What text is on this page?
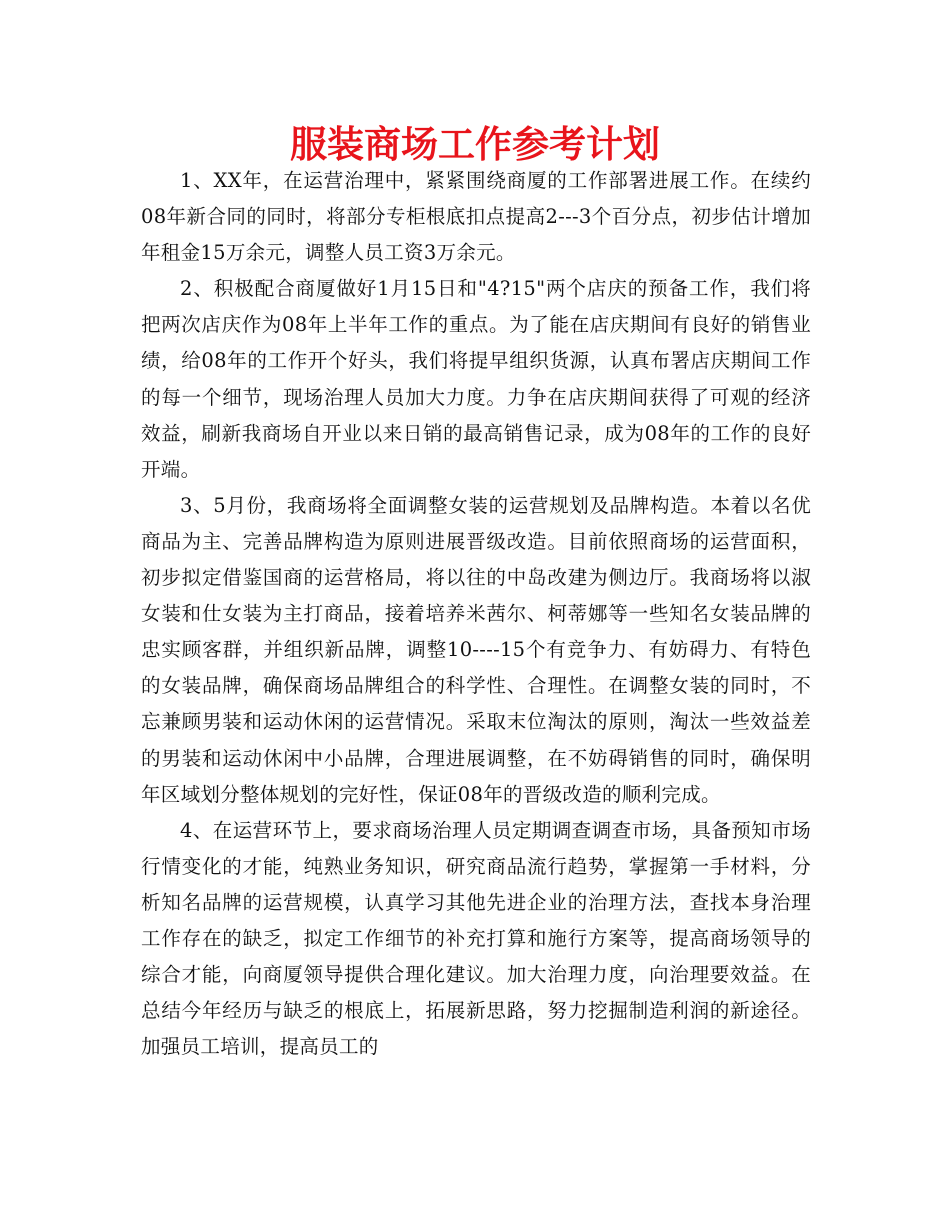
服装商场工作参考计划

1、XX年，在运营治理中，紧紧围绕商厦的工作部署进展工作。在续约08年新合同的同时，将部分专柜根底扣点提高2---3个百分点，初步估计增加年租金15万余元，调整人员工资3万余元。

2、积极配合商厦做好1月15日和"4?15"两个店庆的预备工作，我们将把两次店庆作为08年上半年工作的重点。为了能在店庆期间有良好的销售业绩，给08年的工作开个好头，我们将提早组织货源，认真布署店庆期间工作的每一个细节，现场治理人员加大力度。力争在店庆期间获得了可观的经济效益，刷新我商场自开业以来日销的最高销售记录，成为08年的工作的良好开端。

3、5月份，我商场将全面调整女装的运营规划及品牌构造。本着以名优商品为主、完善品牌构造为原则进展晋级改造。目前依照商场的运营面积，初步拟定借鉴国商的运营格局，将以往的中岛改建为侧边厅。我商场将以淑女装和仕女装为主打商品，接着培养米茜尔、柯蒂娜等一些知名女装品牌的忠实顾客群，并组织新品牌，调整10----15个有竞争力、有妨碍力、有特色的女装品牌，确保商场品牌组合的科学性、合理性。在调整女装的同时，不忘兼顾男装和运动休闲的运营情况。采取末位淘汰的原则，淘汰一些效益差的男装和运动休闲中小品牌，合理进展调整，在不妨碍销售的同时，确保明年区域划分整体规划的完好性，保证08年的晋级改造的顺利完成。

4、在运营环节上，要求商场治理人员定期调查调查市场，具备预知市场行情变化的才能，纯熟业务知识，研究商品流行趋势，掌握第一手材料，分析知名品牌的运营规模，认真学习其他先进企业的治理方法，查找本身治理工作存在的缺乏，拟定工作细节的补充打算和施行方案等，提高商场领导的综合才能，向商厦领导提供合理化建议。加大治理力度，向治理要效益。在总结今年经历与缺乏的根底上，拓展新思路，努力挖掘制造利润的新途径。加强员工培训，提高员工的
